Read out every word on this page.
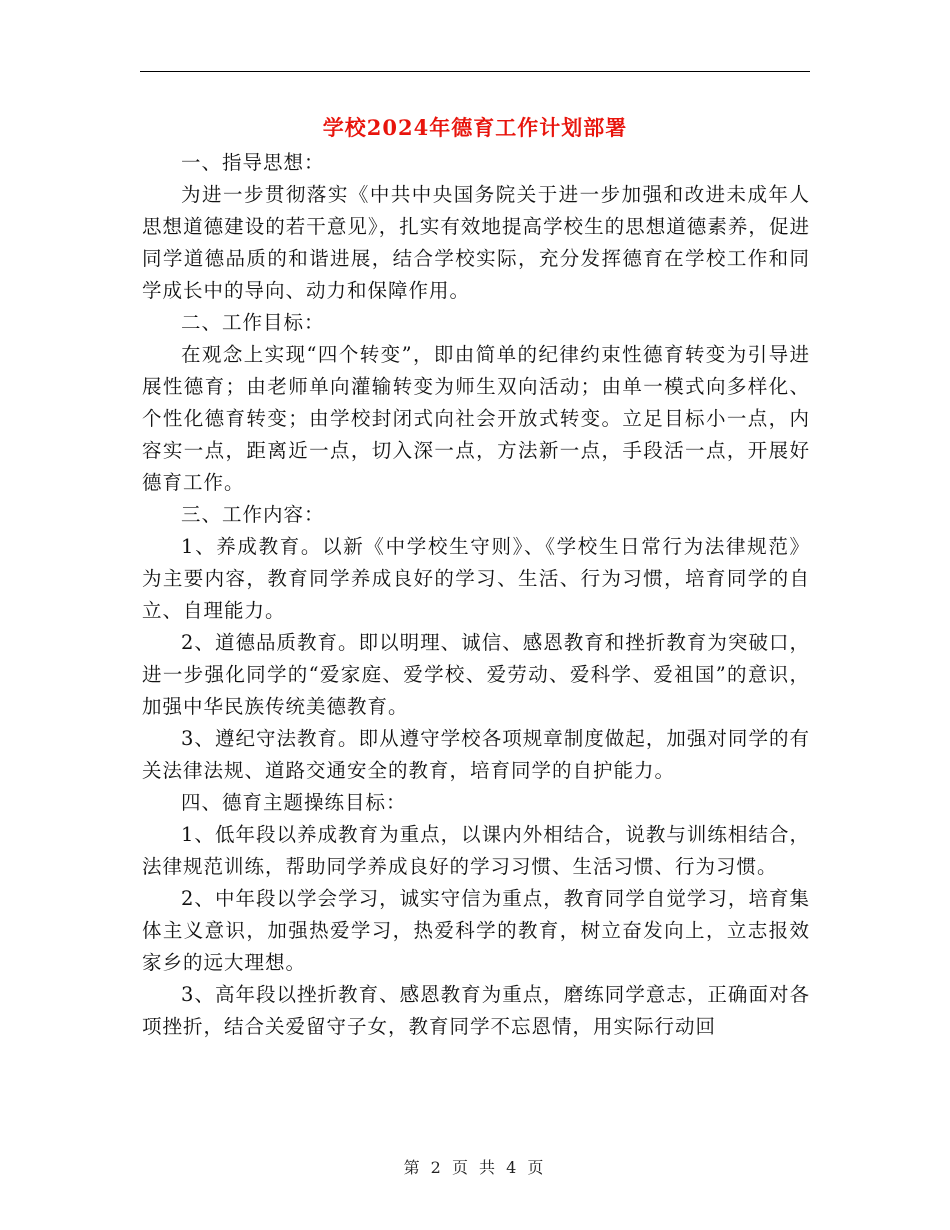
学校2024年德育工作计划部署

一、指导思想：

为进一步贯彻落实《中共中央国务院关于进一步加强和改进未成年人思想道德建设的若干意见》，扎实有效地提高学校生的思想道德素养，促进同学道德品质的和谐进展，结合学校实际，充分发挥德育在学校工作和同学成长中的导向、动力和保障作用。

二、工作目标：

在观念上实现“四个转变”，即由简单的纪律约束性德育转变为引导进展性德育；由老师单向灌输转变为师生双向活动；由单一模式向多样化、个性化德育转变；由学校封闭式向社会开放式转变。立足目标小一点，内容实一点，距离近一点，切入深一点，方法新一点，手段活一点，开展好德育工作。

三、工作内容：

1、养成教育。以新《中学校生守则》、《学校生日常行为法律规范》为主要内容，教育同学养成良好的学习、生活、行为习惯，培育同学的自立、自理能力。

2、道德品质教育。即以明理、诚信、感恩教育和挫折教育为突破口，进一步强化同学的“爱家庭、爱学校、爱劳动、爱科学、爱祖国”的意识，加强中华民族传统美德教育。

3、遵纪守法教育。即从遵守学校各项规章制度做起，加强对同学的有关法律法规、道路交通安全的教育，培育同学的自护能力。

四、德育主题操练目标：

1、低年段以养成教育为重点，以课内外相结合，说教与训练相结合，法律规范训练，帮助同学养成良好的学习习惯、生活习惯、行为习惯。

2、中年段以学会学习，诚实守信为重点，教育同学自觉学习，培育集体主义意识，加强热爱学习，热爱科学的教育，树立奋发向上，立志报效家乡的远大理想。

3、高年段以挫折教育、感恩教育为重点，磨练同学意志，正确面对各项挫折，结合关爱留守子女，教育同学不忘恩情，用实际行动回

第 2 页 共 4 页
